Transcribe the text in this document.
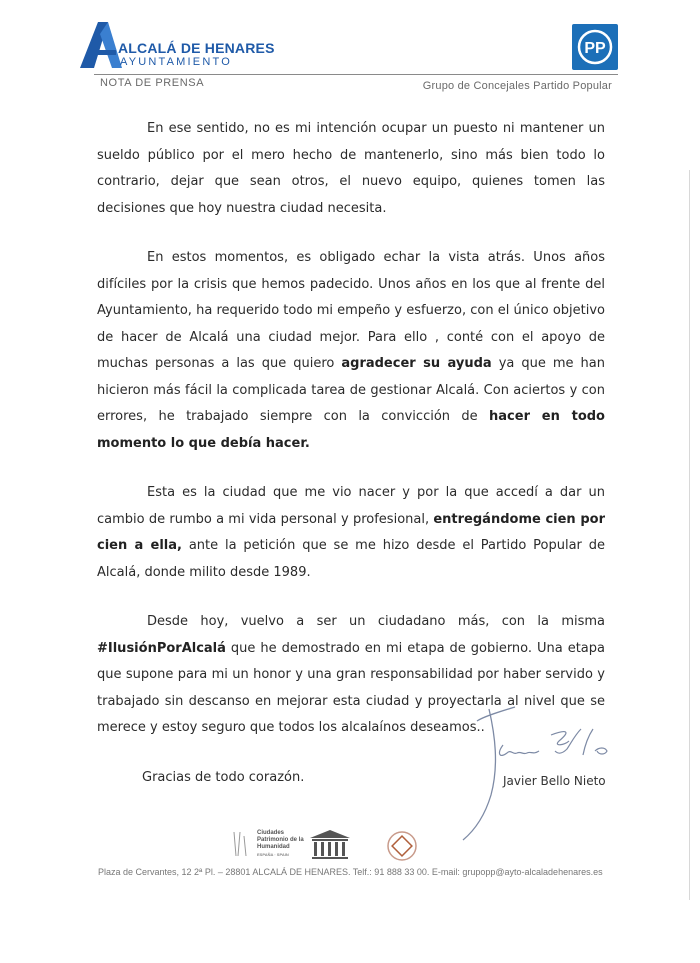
ALCALÁ DE HENARES
AYUNTAMIENTO
PP
NOTA DE PRENSA	Grupo de Concejales Partido Popular

En ese sentido, no es mi intención ocupar un puesto ni mantener un sueldo público por el mero hecho de mantenerlo, sino más bien todo lo contrario, dejar que sean otros, el nuevo equipo, quienes tomen las decisiones que hoy nuestra ciudad necesita.

En estos momentos, es obligado echar la vista atrás. Unos años difíciles por la crisis que hemos padecido. Unos años en los que al frente del Ayuntamiento, ha requerido todo mi empeño y esfuerzo, con el único objetivo de hacer de Alcalá una ciudad mejor. Para ello , conté con el apoyo de muchas personas a las que quiero agradecer su ayuda ya que me han hicieron más fácil la complicada tarea de gestionar Alcalá. Con aciertos y con errores, he trabajado siempre con la convicción de hacer en todo momento lo que debía hacer.

Esta es la ciudad que me vio nacer y por la que accedí a dar un cambio de rumbo a mi vida personal y profesional, entregándome cien por cien a ella, ante la petición que se me hizo desde el Partido Popular de Alcalá, donde milito desde 1989.

Desde hoy, vuelvo a ser un ciudadano más, con la misma #IlusiónPorAlcalá que he demostrado en mi etapa de gobierno. Una etapa que supone para mi un honor y una gran responsabilidad por haber servido y trabajado sin descanso en mejorar esta ciudad y proyectarla al nivel que se merece y estoy seguro que todos los alcalaínos deseamos..

Gracias de todo corazón.	Javier Bello Nieto
Ciudades Patrimonio de la Humanidad
ESPAÑA · SPAIN
Plaza de Cervantes, 12 2ª Pl. – 28801 ALCALÁ DE HENARES. Telf.: 91 888 33 00. E-mail: grupopp@ayto-alcaladehenares.es
